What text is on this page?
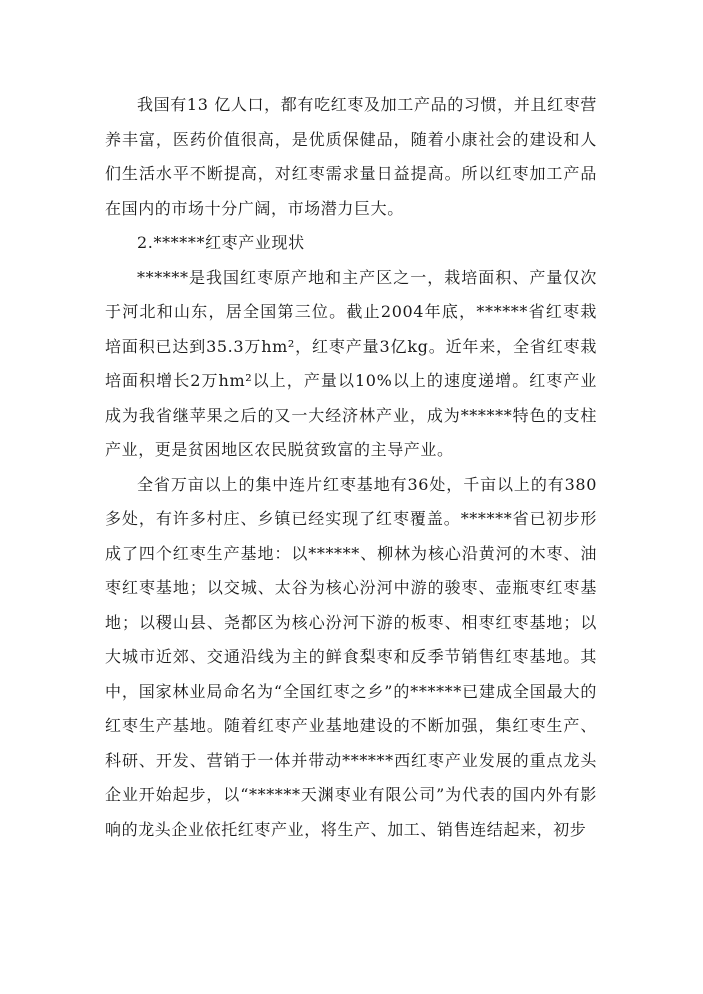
我国有13 亿人口，都有吃红枣及加工产品的习惯，并且红枣营养丰富，医药价值很高，是优质保健品，随着小康社会的建设和人们生活水平不断提高，对红枣需求量日益提高。所以红枣加工产品在国内的市场十分广阔，市场潜力巨大。

2.******红枣产业现状

******是我国红枣原产地和主产区之一，栽培面积、产量仅次于河北和山东，居全国第三位。截止2004年底，******省红枣栽培面积已达到35.3万hm²，红枣产量3亿kg。近年来，全省红枣栽培面积增长2万hm²以上，产量以10%以上的速度递增。红枣产业成为我省继苹果之后的又一大经济林产业，成为******特色的支柱产业，更是贫困地区农民脱贫致富的主导产业。

全省万亩以上的集中连片红枣基地有36处，千亩以上的有380多处，有许多村庄、乡镇已经实现了红枣覆盖。******省已初步形成了四个红枣生产基地：以******、柳林为核心沿黄河的木枣、油枣红枣基地；以交城、太谷为核心汾河中游的骏枣、壶瓶枣红枣基地；以稷山县、尧都区为核心汾河下游的板枣、相枣红枣基地；以大城市近郊、交通沿线为主的鲜食梨枣和反季节销售红枣基地。其中，国家林业局命名为“全国红枣之乡”的******已建成全国最大的红枣生产基地。随着红枣产业基地建设的不断加强，集红枣生产、科研、开发、营销于一体并带动******西红枣产业发展的重点龙头企业开始起步，以“******天渊枣业有限公司”为代表的国内外有影响的龙头企业依托红枣产业，将生产、加工、销售连结起来，初步
